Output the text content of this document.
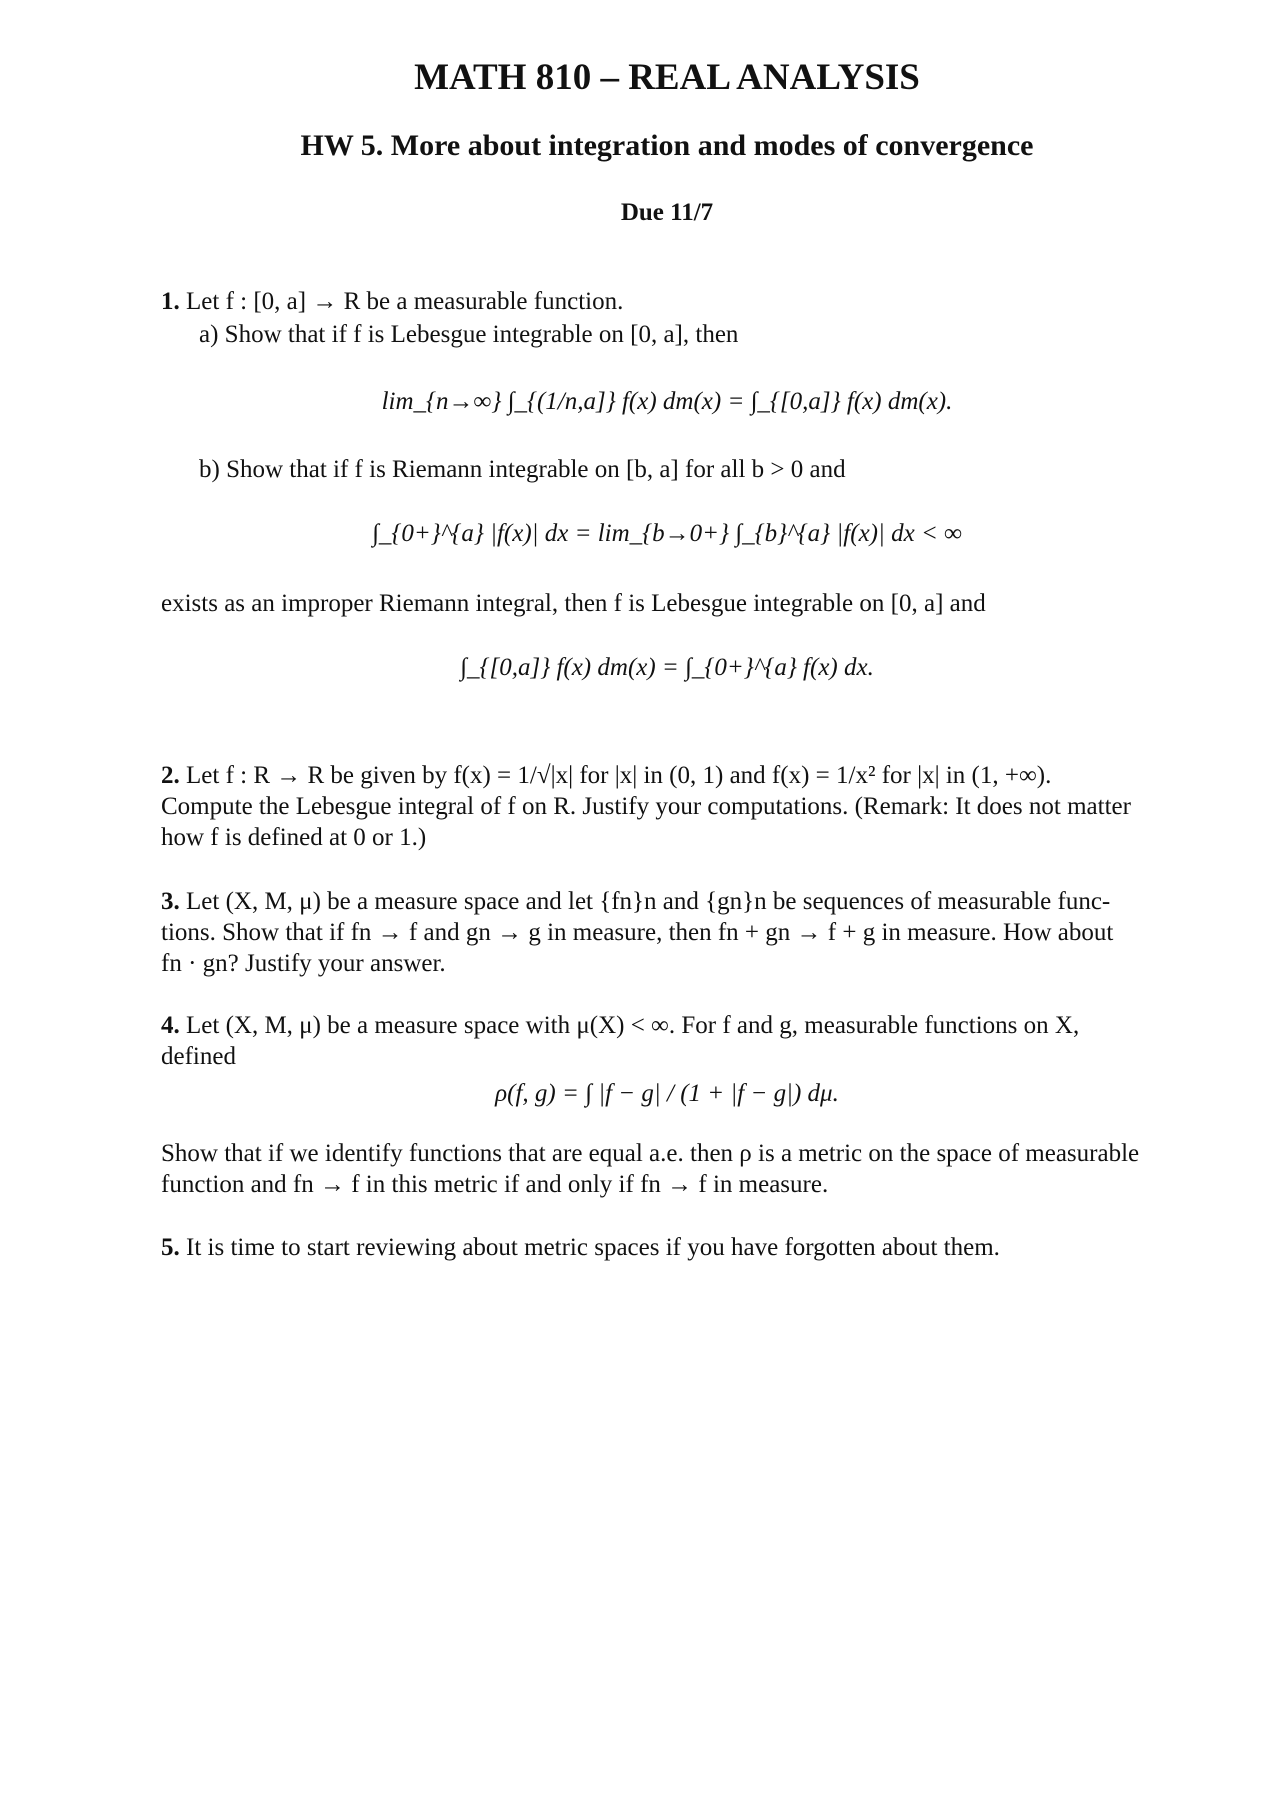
MATH 810 – REAL ANALYSIS
HW 5. More about integration and modes of convergence
Due 11/7
1. Let f : [0, a] → R be a measurable function.
a) Show that if f is Lebesgue integrable on [0, a], then
lim_{n→∞} ∫_{(1/n,a]} f(x) dm(x) = ∫_{[0,a]} f(x) dm(x).
b) Show that if f is Riemann integrable on [b, a] for all b > 0 and
∫_{0+}^{a} |f(x)| dx = lim_{b→0+} ∫_{b}^{a} |f(x)| dx < ∞
exists as an improper Riemann integral, then f is Lebesgue integrable on [0, a] and
∫_{[0,a]} f(x) dm(x) = ∫_{0+}^{a} f(x) dx.
2. Let f : R → R be given by f(x) = 1/√|x| for |x| in (0, 1) and f(x) = 1/x² for |x| in (1, +∞).
Compute the Lebesgue integral of f on R. Justify your computations. (Remark: It does not matter
how f is defined at 0 or 1.)
3. Let (X, M, μ) be a measure space and let {fn}n and {gn}n be sequences of measurable func-
tions. Show that if fn → f and gn → g in measure, then fn + gn → f + g in measure. How about
fn · gn? Justify your answer.
4. Let (X, M, μ) be a measure space with μ(X) < ∞. For f and g, measurable functions on X,
defined
ρ(f, g) = ∫ |f − g| / (1 + |f − g|) dμ.
Show that if we identify functions that are equal a.e. then ρ is a metric on the space of measurable
function and fn → f in this metric if and only if fn → f in measure.
5. It is time to start reviewing about metric spaces if you have forgotten about them.
